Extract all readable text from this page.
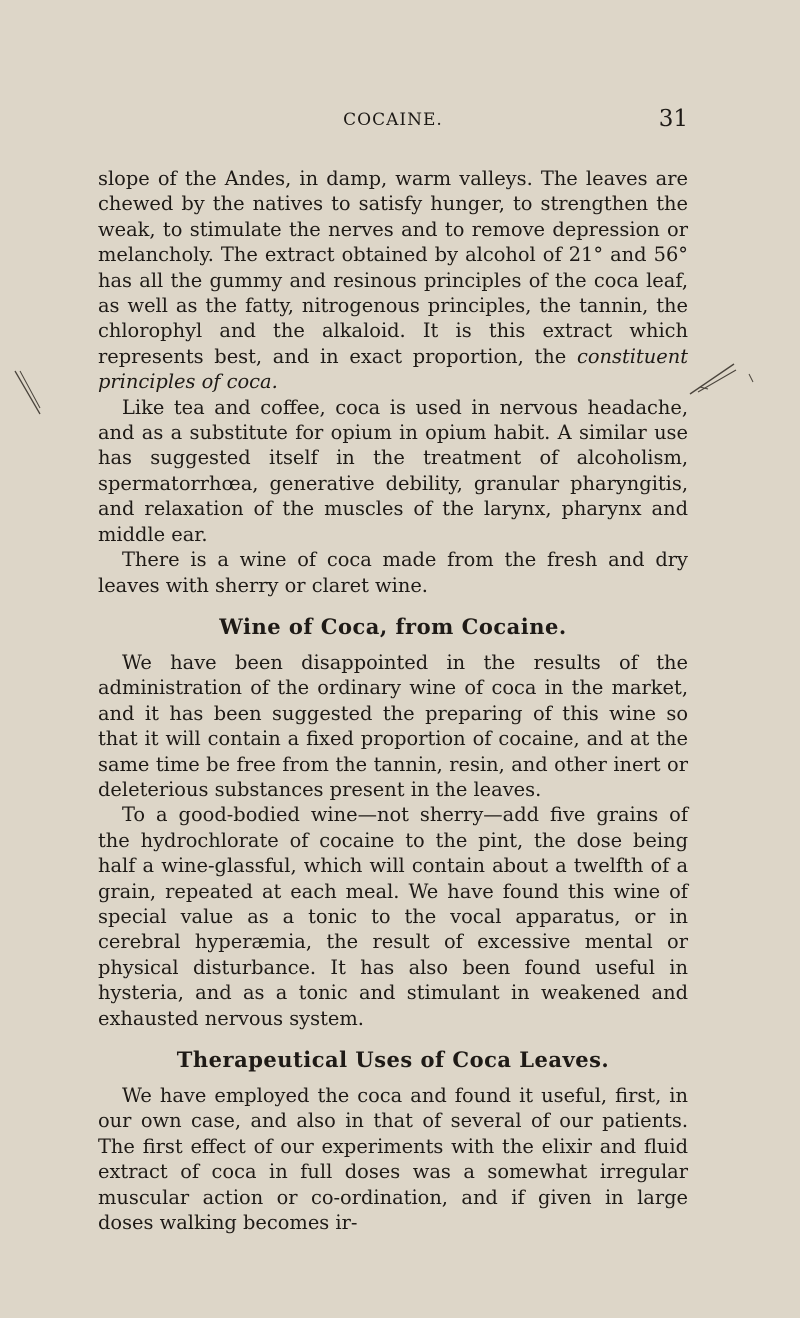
COCAINE.	31

slope of the Andes, in damp, warm valleys. The leaves are chewed by the natives to satisfy hunger, to strengthen the weak, to stimulate the nerves and to remove depression or melancholy. The extract obtained by alcohol of 21° and 56° has all the gummy and resinous principles of the coca leaf, as well as the fatty, nitrogenous principles, the tannin, the chlorophyl and the alkaloid. It is this extract which represents best, and in exact proportion, the constituent principles of coca.

Like tea and coffee, coca is used in nervous headache, and as a substitute for opium in opium habit. A similar use has suggested itself in the treatment of alcoholism, spermatorrhœa, generative debility, granular pharyngitis, and relaxation of the muscles of the larynx, pharynx and middle ear.

There is a wine of coca made from the fresh and dry leaves with sherry or claret wine.

Wine of Coca, from Cocaine.

We have been disappointed in the results of the administration of the ordinary wine of coca in the market, and it has been suggested the preparing of this wine so that it will contain a fixed proportion of cocaine, and at the same time be free from the tannin, resin, and other inert or deleterious substances present in the leaves.

To a good-bodied wine—not sherry—add five grains of the hydrochlorate of cocaine to the pint, the dose being half a wine-glassful, which will contain about a twelfth of a grain, repeated at each meal. We have found this wine of special value as a tonic to the vocal apparatus, or in cerebral hyperæmia, the result of excessive mental or physical disturbance. It has also been found useful in hysteria, and as a tonic and stimulant in weakened and exhausted nervous system.

Therapeutical Uses of Coca Leaves.

We have employed the coca and found it useful, first, in our own case, and also in that of several of our patients. The first effect of our experiments with the elixir and fluid extract of coca in full doses was a somewhat irregular muscular action or co-ordination, and if given in large doses walking becomes ir-
